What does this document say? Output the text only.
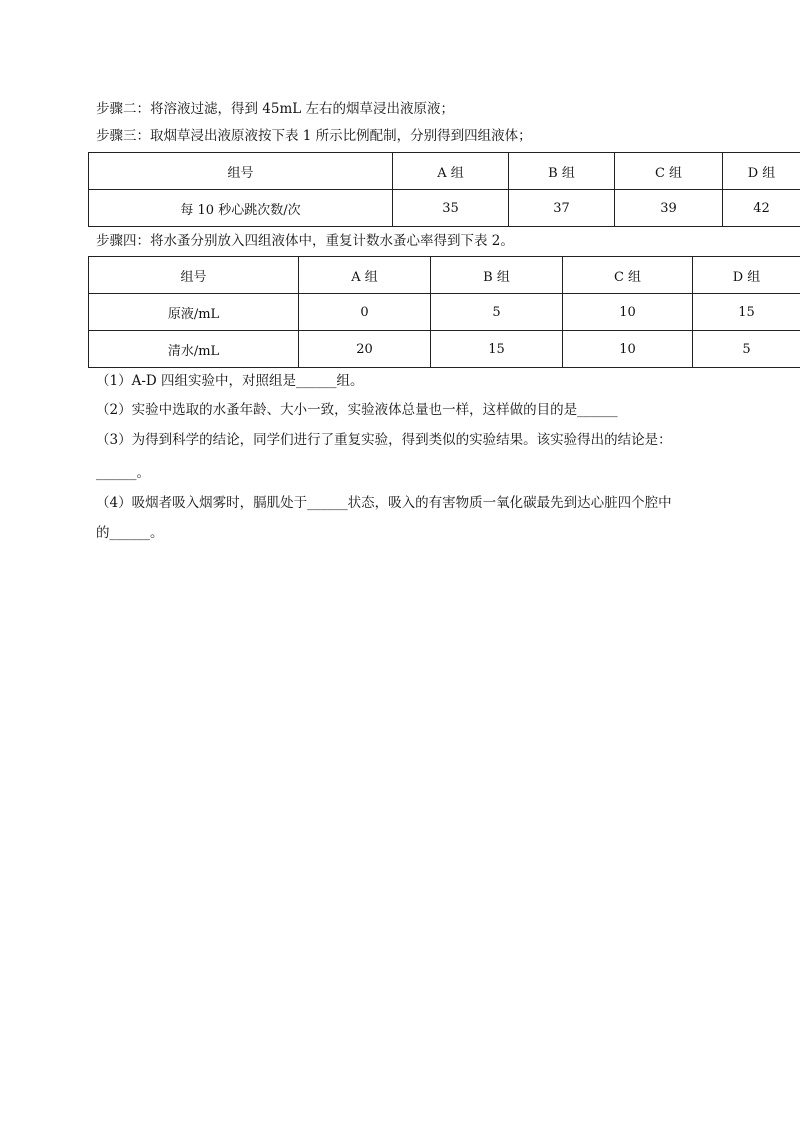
步骤二：将溶液过滤，得到 45mL 左右的烟草浸出液原液；
步骤三：取烟草浸出液原液按下表 1 所示比例配制，分别得到四组液体；
组号	A 组	B 组	C 组	D 组
每 10 秒心跳次数/次	35	37	39	42
步骤四：将水蚤分别放入四组液体中，重复计数水蚤心率得到下表 2。
组号	A 组	B 组	C 组	D 组
原液/mL	0	5	10	15
清水/mL	20	15	10	5
（1）A-D 四组实验中，对照组是______组。
（2）实验中选取的水蚤年龄、大小一致，实验液体总量也一样，这样做的目的是______
（3）为得到科学的结论，同学们进行了重复实验，得到类似的实验结果。该实验得出的结论是：
______。
（4）吸烟者吸入烟雾时，膈肌处于______状态，吸入的有害物质一氧化碳最先到达心脏四个腔中
的______。
